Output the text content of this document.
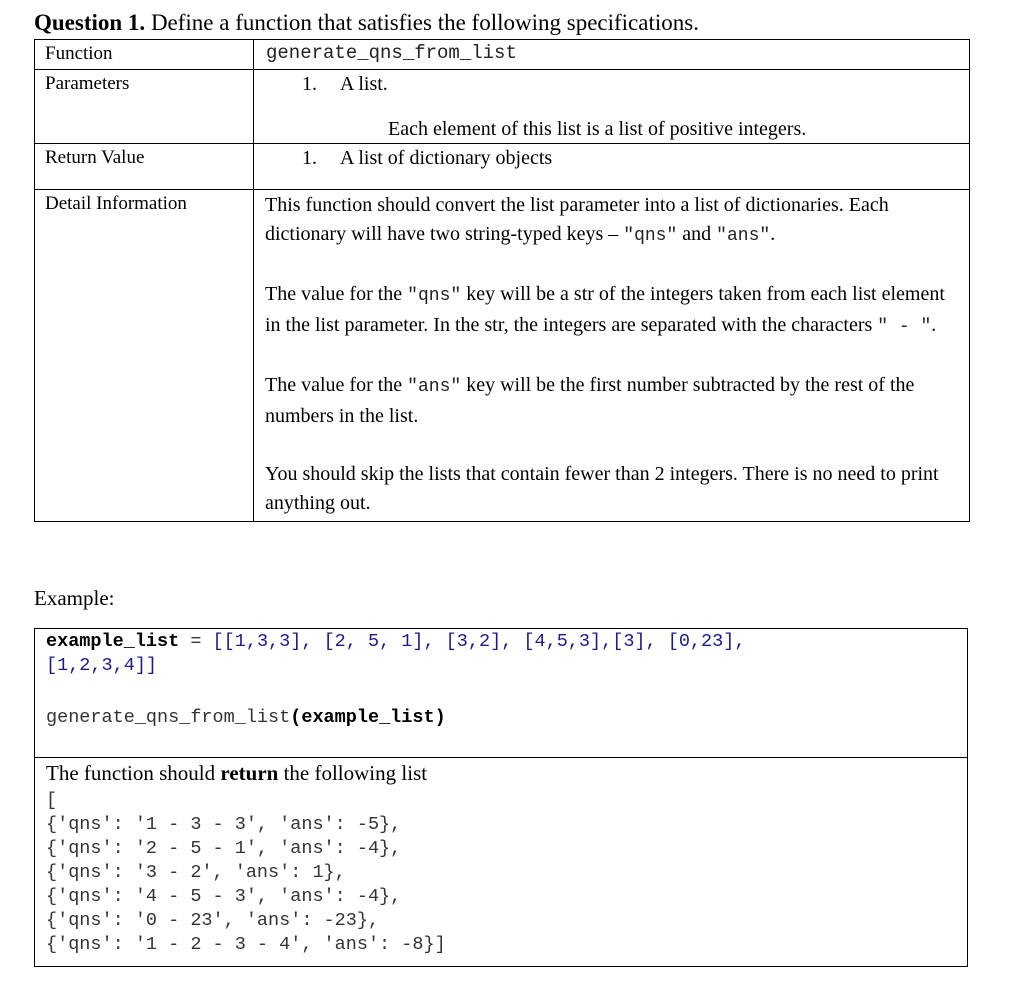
Question 1. Define a function that satisfies the following specifications.
Function	generate_qns_from_list
Parameters	1. A list.
Each element of this list is a list of positive integers.

Return Value	1. A list of dictionary objects
Detail Information	This function should convert the list parameter into a list of dictionaries. Each dictionary will have two string-typed keys – "qns" and "ans".

The value for the "qns" key will be a str of the integers taken from each list element in the list parameter. In the str, the integers are separated with the characters " - ".

The value for the "ans" key will be the first number subtracted by the rest of the numbers in the list.

You should skip the lists that contain fewer than 2 integers. There is no need to print anything out.

Example:
example_list = [[1,3,3], [2, 5, 1], [3,2], [4,5,3],[3], [0,23],
[1,2,3,4]]
generate_qns_from_list(example_list)
The function should return the following list
[
{'qns': '1 - 3 - 3', 'ans': -5},
{'qns': '2 - 5 - 1', 'ans': -4},
{'qns': '3 - 2', 'ans': 1},
{'qns': '4 - 5 - 3', 'ans': -4},
{'qns': '0 - 23', 'ans': -23},
{'qns': '1 - 2 - 3 - 4', 'ans': -8}]
